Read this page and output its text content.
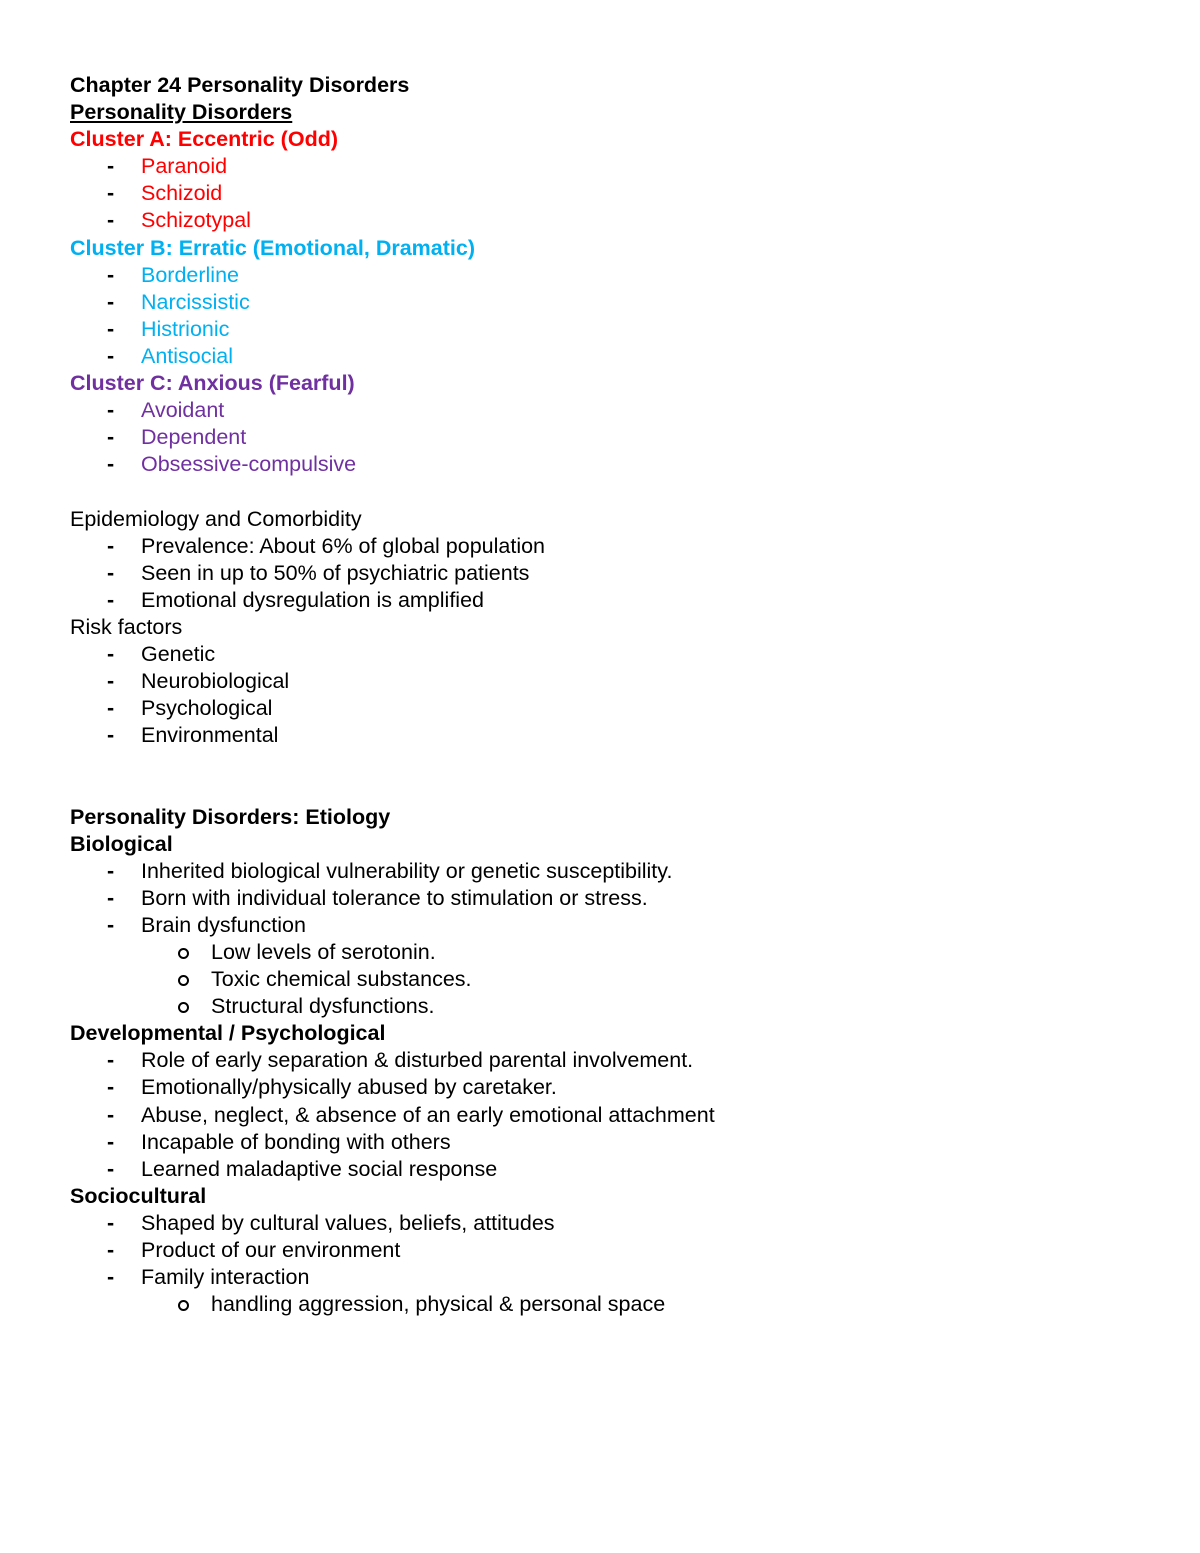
Chapter 24 Personality Disorders
Personality Disorders
Cluster A: Eccentric (Odd)
- Paranoid
- Schizoid
- Schizotypal
Cluster B: Erratic (Emotional, Dramatic)
- Borderline
- Narcissistic
- Histrionic
- Antisocial
Cluster C: Anxious (Fearful)
- Avoidant
- Dependent
- Obsessive-compulsive
Epidemiology and Comorbidity
- Prevalence: About 6% of global population
- Seen in up to 50% of psychiatric patients
- Emotional dysregulation is amplified
Risk factors
- Genetic
- Neurobiological
- Psychological
- Environmental
Personality Disorders: Etiology
Biological
- Inherited biological vulnerability or genetic susceptibility.
- Born with individual tolerance to stimulation or stress.
- Brain dysfunction
Low levels of serotonin.
Toxic chemical substances.
Structural dysfunctions.
Developmental / Psychological
- Role of early separation & disturbed parental involvement.
- Emotionally/physically abused by caretaker.
- Abuse, neglect, & absence of an early emotional attachment
- Incapable of bonding with others
- Learned maladaptive social response
Sociocultural
- Shaped by cultural values, beliefs, attitudes
- Product of our environment
- Family interaction
handling aggression, physical & personal space
